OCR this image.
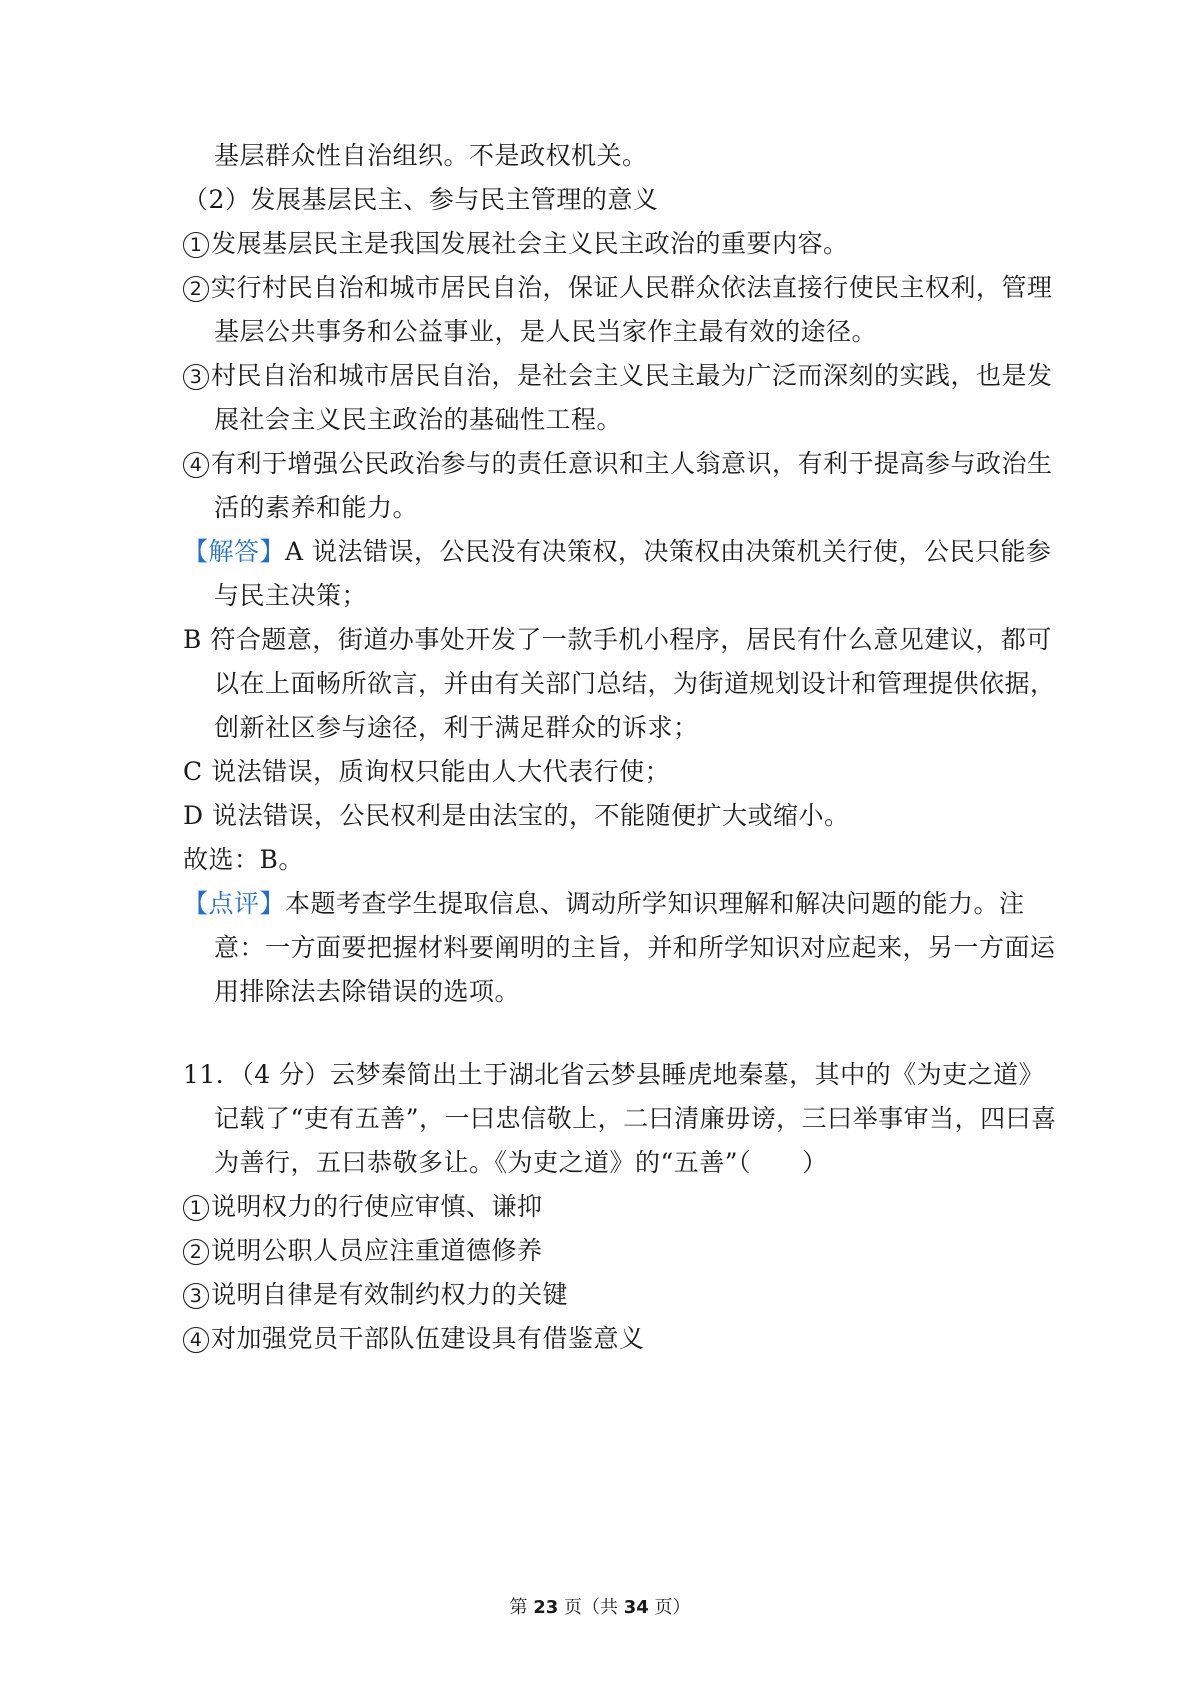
基层群众性自治组织。不是政权机关。
（2）发展基层民主、参与民主管理的意义
1 发展基层民主是我国发展社会主义民主政治的重要内容。
2 实行村民自治和城市居民自治，保证人民群众依法直接行使民主权利，管理
基层公共事务和公益事业，是人民当家作主最有效的途径。
3 村民自治和城市居民自治，是社会主义民主最为广泛而深刻的实践，也是发
展社会主义民主政治的基础性工程。
4 有利于增强公民政治参与的责任意识和主人翁意识，有利于提高参与政治生
活的素养和能力。
【解答】A 说法错误，公民没有决策权，决策权由决策机关行使，公民只能参
与民主决策；
B 符合题意，街道办事处开发了一款手机小程序，居民有什么意见建议，都可
以在上面畅所欲言，并由有关部门总结，为街道规划设计和管理提供依据，
创新社区参与途径，利于满足群众的诉求；
C 说法错误，质询权只能由人大代表行使；
D 说法错误，公民权利是由法宝的，不能随便扩大或缩小。
故选：B。
【点评】本题考查学生提取信息、调动所学知识理解和解决问题的能力。注
意：一方面要把握材料要阐明的主旨，并和所学知识对应起来，另一方面运
用排除法去除错误的选项。
11．（4 分）云梦秦简出土于湖北省云梦县睡虎地秦墓，其中的《为吏之道》
记载了“吏有五善”，一曰忠信敬上，二曰清廉毋谤，三曰举事审当，四曰喜
为善行，五曰恭敬多让。《为吏之道》的“五善”（　　）
1 说明权力的行使应审慎、谦抑
2 说明公职人员应注重道德修养
3 说明自律是有效制约权力的关键
4 对加强党员干部队伍建设具有借鉴意义
第 23 页（共 34 页）
